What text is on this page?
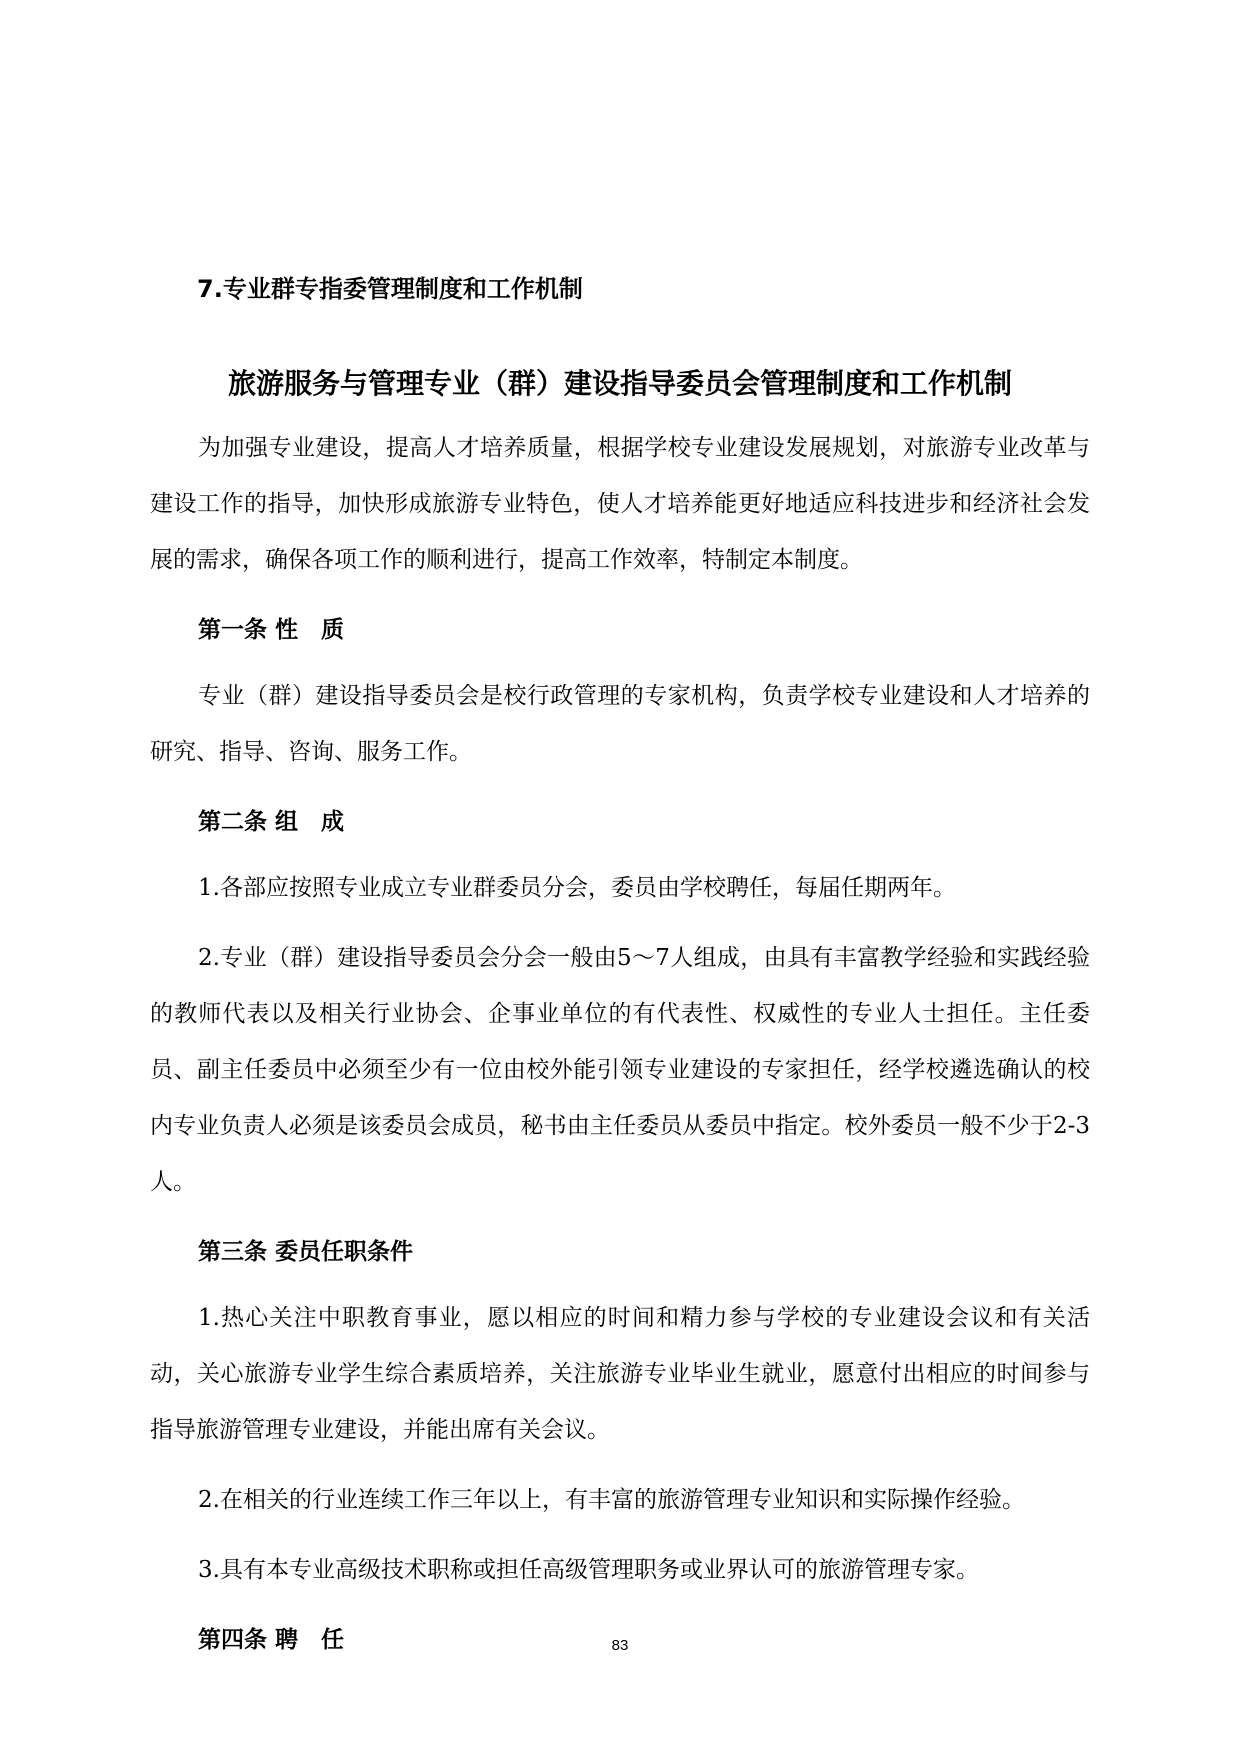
7.专业群专指委管理制度和工作机制
旅游服务与管理专业（群）建设指导委员会管理制度和工作机制

为加强专业建设，提高人才培养质量，根据学校专业建设发展规划，对旅游专业改革与建设工作的指导，加快形成旅游专业特色，使人才培养能更好地适应科技进步和经济社会发展的需求，确保各项工作的顺利进行，提高工作效率，特制定本制度。

第一条 性　质

专业（群）建设指导委员会是校行政管理的专家机构，负责学校专业建设和人才培养的研究、指导、咨询、服务工作。

第二条 组　成

1.各部应按照专业成立专业群委员分会，委员由学校聘任，每届任期两年。

2.专业（群）建设指导委员会分会一般由5～7人组成，由具有丰富教学经验和实践经验的教师代表以及相关行业协会、企事业单位的有代表性、权威性的专业人士担任。主任委员、副主任委员中必须至少有一位由校外能引领专业建设的专家担任，经学校遴选确认的校内专业负责人必须是该委员会成员，秘书由主任委员从委员中指定。校外委员一般不少于2-3人。

第三条 委员任职条件

1.热心关注中职教育事业，愿以相应的时间和精力参与学校的专业建设会议和有关活动，关心旅游专业学生综合素质培养，关注旅游专业毕业生就业，愿意付出相应的时间参与指导旅游管理专业建设，并能出席有关会议。

2.在相关的行业连续工作三年以上，有丰富的旅游管理专业知识和实际操作经验。

3.具有本专业高级技术职称或担任高级管理职务或业界认可的旅游管理专家。

第四条 聘　任	83
